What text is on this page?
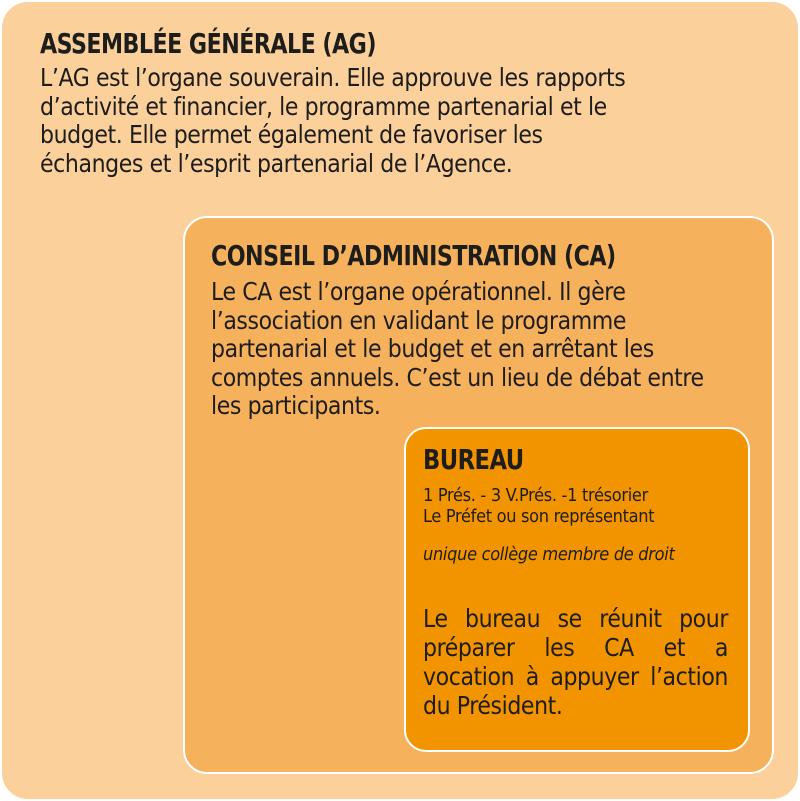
ASSEMBLÉE GÉNÉRALE (AG)

L’AG est l’organe souverain. Elle approuve les rapports
d’activité et financier, le programme partenarial et le
budget. Elle permet également de favoriser les
échanges et l’esprit partenarial de l’Agence.

CONSEIL D’ADMINISTRATION (CA)

Le CA est l’organe opérationnel. Il gère
l’association en validant le programme
partenarial et le budget et en arrêtant les
comptes annuels. C’est un lieu de débat entre
les participants.

BUREAU

1 Prés. - 3 V.Prés. -1 trésorier
Le Préfet ou son représentant

unique collège membre de droit

Le bureau se réunit pour
préparer les CA et a
vocation à appuyer l’action
du Président.
